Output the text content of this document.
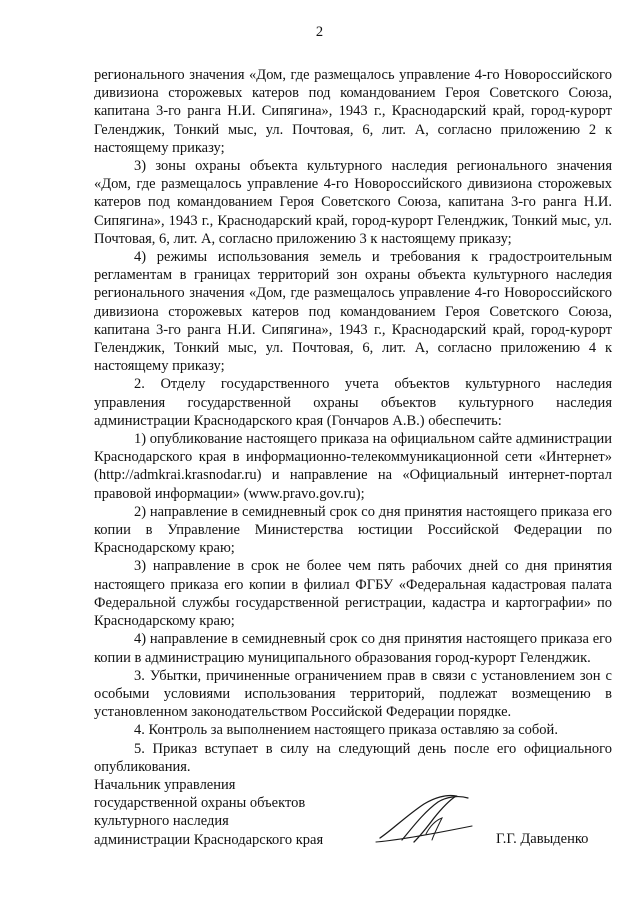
2

регионального значения «Дом, где размещалось управление 4-го Новороссийского дивизиона сторожевых катеров под командованием Героя Советского Союза, капитана 3-го ранга Н.И. Сипягина», 1943 г., Краснодарский край, город-курорт Геленджик, Тонкий мыс, ул. Почтовая, 6, лит. А, согласно приложению 2 к настоящему приказу;

3) зоны охраны объекта культурного наследия регионального значения «Дом, где размещалось управление 4-го Новороссийского дивизиона сторожевых катеров под командованием Героя Советского Союза, капитана 3-го ранга Н.И. Сипягина», 1943 г., Краснодарский край, город-курорт Геленджик, Тонкий мыс, ул. Почтовая, 6, лит. А, согласно приложению 3 к настоящему приказу;

4) режимы использования земель и требования к градостроительным регламентам в границах территорий зон охраны объекта культурного наследия регионального значения «Дом, где размещалось управление 4-го Новороссийского дивизиона сторожевых катеров под командованием Героя Советского Союза, капитана 3-го ранга Н.И. Сипягина», 1943 г., Краснодарский край, город-курорт Геленджик, Тонкий мыс, ул. Почтовая, 6, лит. А, согласно приложению 4 к настоящему приказу;

2. Отделу государственного учета объектов культурного наследия управления государственной охраны объектов культурного наследия администрации Краснодарского края (Гончаров А.В.) обеспечить:

1) опубликование настоящего приказа на официальном сайте администрации Краснодарского края в информационно-телекоммуникационной сети «Интернет» (http://admkrai.krasnodar.ru) и направление на «Официальный интернет-портал правовой информации» (www.pravo.gov.ru);

2) направление в семидневный срок со дня принятия настоящего приказа его копии в Управление Министерства юстиции Российской Федерации по Краснодарскому краю;

3) направление в срок не более чем пять рабочих дней со дня принятия настоящего приказа его копии в филиал ФГБУ «Федеральная кадастровая палата Федеральной службы государственной регистрации, кадастра и картографии» по Краснодарскому краю;

4) направление в семидневный срок со дня принятия настоящего приказа его копии в администрацию муниципального образования город-курорт Геленджик.

3. Убытки, причиненные ограничением прав в связи с установлением зон с особыми условиями использования территорий, подлежат возмещению в установленном законодательством Российской Федерации порядке.

4. Контроль за выполнением настоящего приказа оставляю за собой.

5. Приказ вступает в силу на следующий день после его официального опубликования.

Начальник управления
государственной охраны объектов
культурного наследия
администрации Краснодарского края	Г.Г. Давыденко
